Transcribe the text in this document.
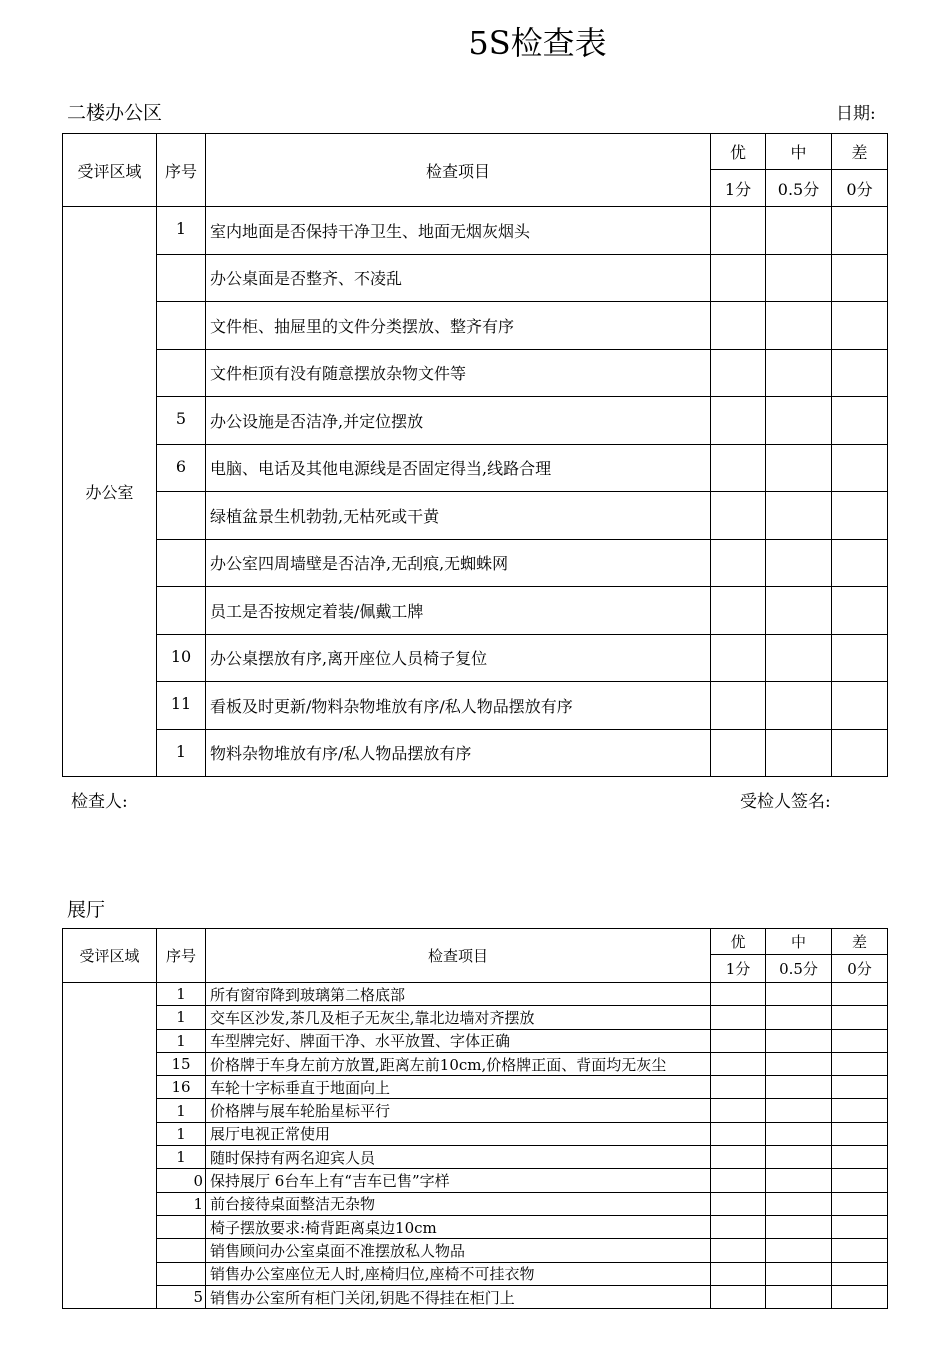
5S检查表
二楼办公区	日期:
受评区域	序号	检查项目	优	中	差
			1分	0.5分	0分
办公室	1	室内地面是否保持干净卫生、地面无烟灰烟头			
		办公桌面是否整齐、不凌乱			
		文件柜、抽屉里的文件分类摆放、整齐有序			
		文件柜顶有没有随意摆放杂物文件等			
	5	办公设施是否洁净,并定位摆放			
	6	电脑、电话及其他电源线是否固定得当,线路合理			
		绿植盆景生机勃勃,无枯死或干黄			
		办公室四周墙壁是否洁净,无刮痕,无蜘蛛网			
		员工是否按规定着装/佩戴工牌			
	10	办公桌摆放有序,离开座位人员椅子复位			
	11	看板及时更新/物料杂物堆放有序/私人物品摆放有序			
	1	物料杂物堆放有序/私人物品摆放有序			
检查人:	受检人签名:
展厅
受评区域	序号	检查项目	优	中	差
			1分	0.5分	0分
	1	所有窗帘降到玻璃第二格底部			
	1	交车区沙发,茶几及柜子无灰尘,靠北边墙对齐摆放			
	1	车型牌完好、牌面干净、水平放置、字体正确			
	15	价格牌于车身左前方放置,距离左前10cm,价格牌正面、背面均无灰尘			
	16	车轮十字标垂直于地面向上			
	1	价格牌与展车轮胎星标平行			
	1	展厅电视正常使用			
	1	随时保持有两名迎宾人员			
	0	保持展厅 6台车上有“吉车已售”字样			
	1	前台接待桌面整洁无杂物			
		椅子摆放要求:椅背距离桌边10cm			
		销售顾问办公室桌面不准摆放私人物品			
		销售办公室座位无人时,座椅归位,座椅不可挂衣物			
	5	销售办公室所有柜门关闭,钥匙不得挂在柜门上			
